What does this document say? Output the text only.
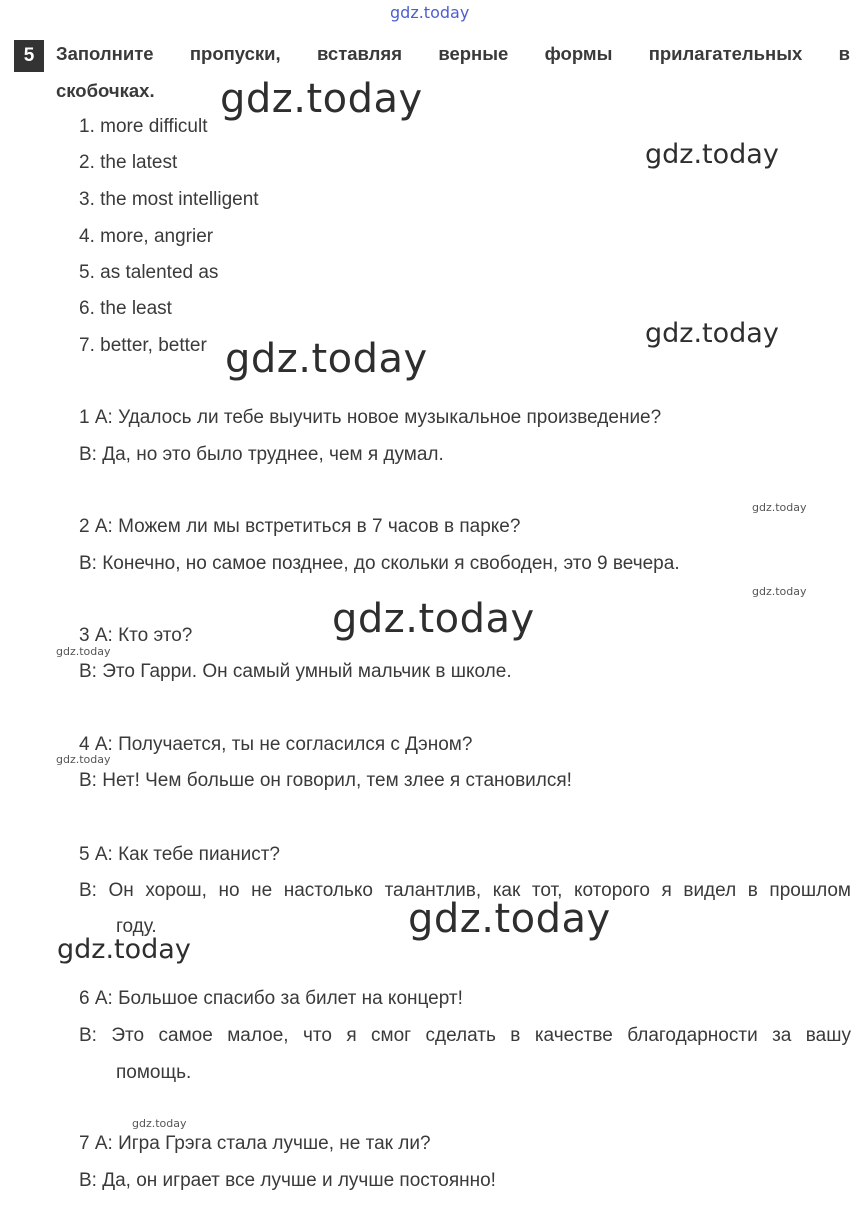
gdz.today
5	Заполните пропуски, вставляя верные формы прилагательных в
скобочках.
1. more difficult
2. the latest
3. the most intelligent
4. more, angrier
5. as talented as
6. the least
7. better, better
1 А: Удалось ли тебе выучить новое музыкальное произведение?
В: Да, но это было труднее, чем я думал.
2 А: Можем ли мы встретиться в 7 часов в парке?
В: Конечно, но самое позднее, до скольки я свободен, это 9 вечера.
3 А: Кто это?
В: Это Гарри. Он самый умный мальчик в школе.
4 А: Получается, ты не согласился с Дэном?
В: Нет! Чем больше он говорил, тем злее я становился!
5 А: Как тебе пианист?
В: Он хорош, но не настолько талантлив, как тот, которого я видел в прошлом
году.
6 А: Большое спасибо за билет на концерт!
В: Это самое малое, что я смог сделать в качестве благодарности за вашу
помощь.
7 А: Игра Грэга стала лучше, не так ли?
В: Да, он играет все лучше и лучше постоянно!
gdz.today
gdz.today
gdz.today
gdz.today
gdz.today
gdz.today
gdz.today
gdz.today
gdz.today
gdz.today
gdz.today
gdz.today
